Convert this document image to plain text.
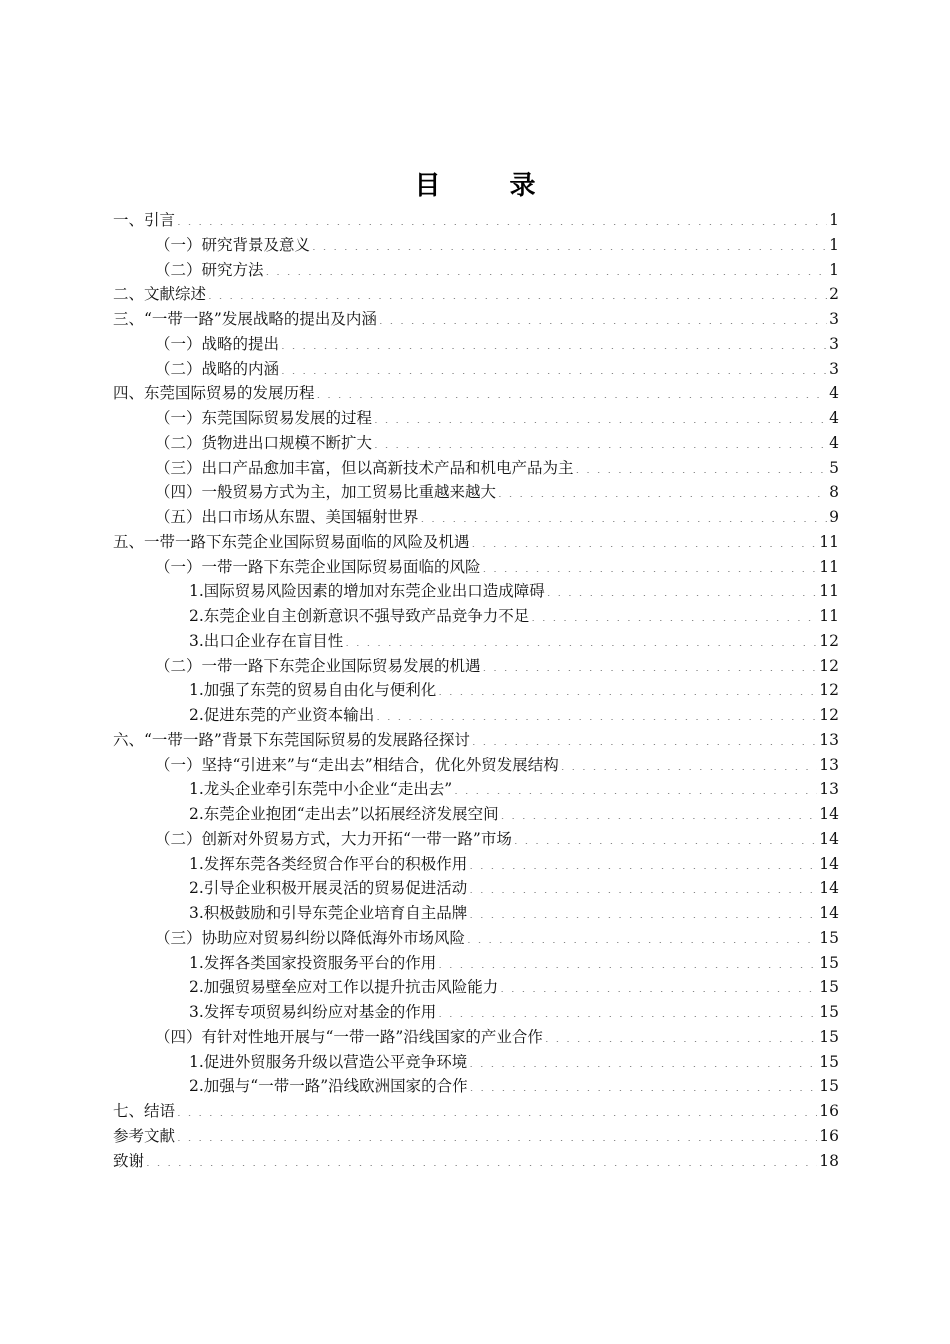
目 录
一、引言 . . .	1
（一）研究背景及意义 . . .	1
（二）研究方法 . . .	1
二、文献综述 . . .	2
三、“一带一路”发展战略的提出及内涵 . . .	3
（一）战略的提出 . . .	3
（二）战略的内涵 . . .	3
四、东莞国际贸易的发展历程 . . .	4
（一）东莞国际贸易发展的过程 . . .	4
（二）货物进出口规模不断扩大 . . .	4
（三）出口产品愈加丰富，但以高新技术产品和机电产品为主 . . .	5
（四）一般贸易方式为主，加工贸易比重越来越大 . . .	8
（五）出口市场从东盟、美国辐射世界 . . .	9
五、一带一路下东莞企业国际贸易面临的风险及机遇 . . .	11
（一）一带一路下东莞企业国际贸易面临的风险 . . .	11
1.国际贸易风险因素的增加对东莞企业出口造成障碍 . . .	11
2.东莞企业自主创新意识不强导致产品竞争力不足 . . .	11
3.出口企业存在盲目性 . . .	12
（二）一带一路下东莞企业国际贸易发展的机遇 . . .	12
1.加强了东莞的贸易自由化与便利化 . . .	12
2.促进东莞的产业资本输出 . . .	12
六、“一带一路”背景下东莞国际贸易的发展路径探讨 . . .	13
（一）坚持“引进来”与“走出去”相结合，优化外贸发展结构 . . .	13
1.龙头企业牵引东莞中小企业“走出去” . . .	13
2.东莞企业抱团“走出去”以拓展经济发展空间 . . .	14
（二）创新对外贸易方式，大力开拓“一带一路”市场 . . .	14
1.发挥东莞各类经贸合作平台的积极作用 . . .	14
2.引导企业积极开展灵活的贸易促进活动 . . .	14
3.积极鼓励和引导东莞企业培育自主品牌 . . .	14
（三）协助应对贸易纠纷以降低海外市场风险 . . .	15
1.发挥各类国家投资服务平台的作用 . . .	15
2.加强贸易壁垒应对工作以提升抗击风险能力 . . .	15
3.发挥专项贸易纠纷应对基金的作用 . . .	15
（四）有针对性地开展与“一带一路”沿线国家的产业合作 . . .	15
1.促进外贸服务升级以营造公平竞争环境 . . .	15
2.加强与“一带一路”沿线欧洲国家的合作 . . .	15
七、结语 . . .	16
参考文献 . . .	16
致谢 . . .	18
